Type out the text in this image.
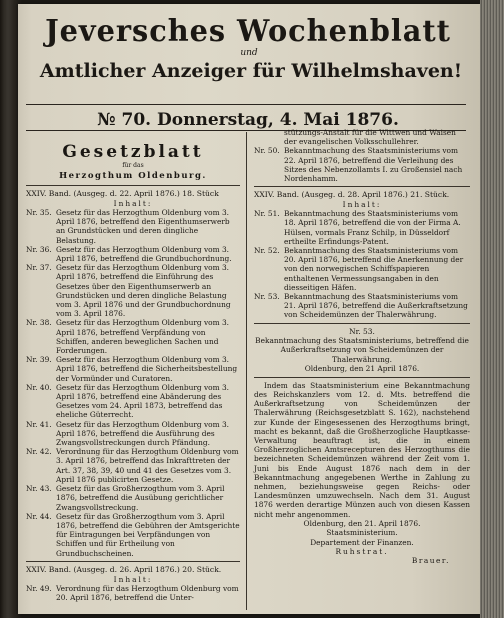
Jeversches Wochenblatt
und
Amtlicher Anzeiger für Wilhelmshaven!
№ 70. Donnerstag, 4. Mai 1876.
Gesetzblatt
für das
Herzogthum Oldenburg.
XXIV. Band. (Ausgeg. d. 22. April 1876.) 18. Stück
Inhalt:
Nr. 35. Gesetz für das Herzogthum Oldenburg vom 3. April 1876, betreffend den Eigenthumserwerb an Grundstücken und deren dingliche Belastung.
Nr. 36. Gesetz für das Herzogthum Oldenburg vom 3. April 1876, betreffend die Grundbuchordnung.
Nr. 37. Gesetz für das Herzogthum Oldenburg vom 3. April 1876, betreffend die Einführung des Gesetzes über den Eigenthumserwerb an Grundstücken und deren dingliche Belastung vom 3. April 1876 und der Grundbuchordnung vom 3. April 1876.
Nr. 38. Gesetz für das Herzogthum Oldenburg vom 3. April 1876, betreffend Verpfändung von Schiffen, anderen beweglichen Sachen und Forderungen.
Nr. 39. Gesetz für das Herzogthum Oldenburg vom 3. April 1876, betreffend die Sicherheitsbestellung der Vormünder und Curatoren.
Nr. 40. Gesetz für das Herzogthum Oldenburg vom 3. April 1876, betreffend eine Abänderung des Gesetzes vom 24. April 1873, betreffend das eheliche Güterrecht.
Nr. 41. Gesetz für das Herzogthum Oldenburg vom 3. April 1876, betreffend die Ausführung des Zwangsvollstreckungen durch Pfändung.
Nr. 42. Verordnung für das Herzogthum Oldenburg vom 3. April 1876, betreffend das Inkrafttreten der Art. 37, 38, 39, 40 und 41 des Gesetzes vom 3. April 1876 publicirten Gesetze.
Nr. 43. Gesetz für das Großherzogthum vom 3. April 1876, betreffend die Ausübung gerichtlicher Zwangsvollstreckung.
Nr. 44. Gesetz für das Großherzogthum vom 3. April 1876, betreffend die Gebühren der Amtsgerichte für Eintragungen bei Verpfändungen von Schiffen und für Ertheilung von Grundbuchscheinen.
XXIV. Band. (Ausgeg. d. 26. April 1876.) 20. Stück.
Inhalt:
Nr. 49. Verordnung für das Herzogthum Oldenburg vom 20. April 1876, betreffend die Unter-
stützungs-Anstalt für die Wittwen und Waisen der evangelischen Volksschullehrer.
Nr. 50. Bekanntmachung des Staatsministeriums vom 22. April 1876, betreffend die Verleihung des Sitzes des Nebenzollamts I. zu Großensiel nach Nordenhamm.
XXIV. Band. (Ausgeg. d. 28. April 1876.) 21. Stück.
Inhalt:
Nr. 51. Bekanntmachung des Staatsministeriums vom 18. April 1876, betreffend die von der Firma A. Hülsen, vormals Franz Schilp, in Düsseldorf ertheilte Erfindungs-Patent.
Nr. 52. Bekanntmachung des Staatsministeriums vom 20. April 1876, betreffend die Anerkennung der von den norwegischen Schiffspapieren enthaltenen Vermessungsangaben in den diesseitigen Häfen.
Nr. 53. Bekanntmachung des Staatsministeriums vom 21. April 1876, betreffend die Außerkraftsetzung von Scheidemünzen der Thalerwährung.
Nr. 53.
Bekanntmachung des Staatsministeriums, betreffend die Außerkraftsetzung von Scheidemünzen der Thalerwährung.
Oldenburg, den 21 April 1876.
Indem das Staatsministerium eine Bekanntmachung des Reichskanzlers vom 12. d. Mts. betreffend die Außerkraftsetzung von Scheidemünzen der Thalerwährung (Reichsgesetzblatt S. 162), nachstehend zur Kunde der Eingesessenen des Herzogthums bringt, macht es bekannt, daß die Großherzogliche Hauptkasse-Verwaltung beauftragt ist, die in einem Großherzoglichen Amtsrecepturen des Herzogthums die bezeichneten Scheidemünzen während der Zeit vom 1. Juni bis Ende August 1876 nach dem in der Bekanntmachung angegebenen Werthe in Zahlung zu nehmen, beziehungsweise gegen Reichs- oder Landesmünzen umzuwechseln. Nach dem 31. August 1876 werden derartige Münzen auch von diesen Kassen nicht mehr angenommen.
Oldenburg, den 21. April 1876.
Staatsministerium.
Departement der Finanzen.
Ruhstrat.
Brauer.
